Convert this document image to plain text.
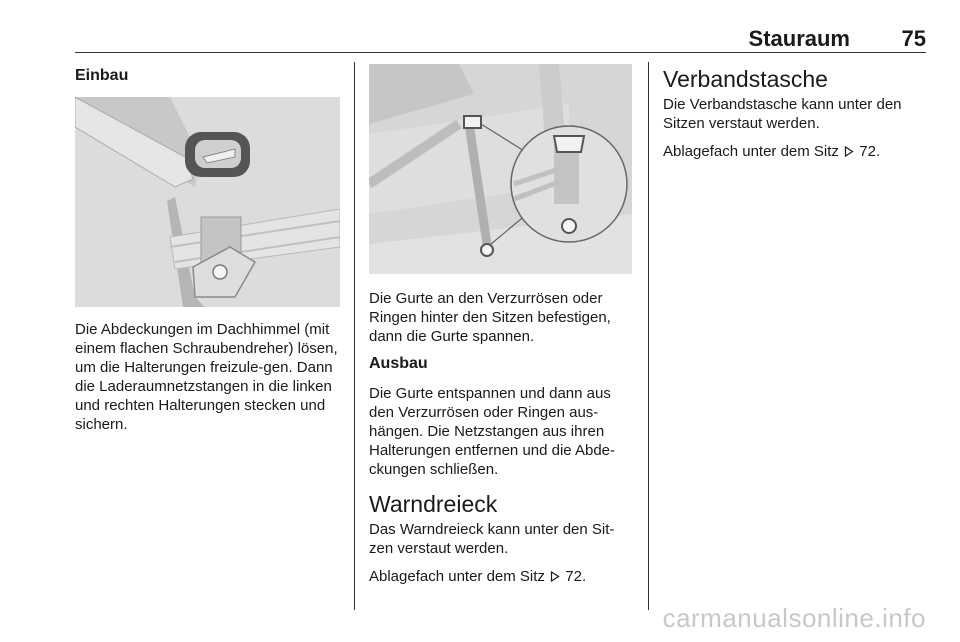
Stauraum 75
Einbau

Die Abdeckungen im Dachhimmel (mit einem flachen Schraubendreher) lösen, um die Halterungen freizule-gen. Dann die Laderaumnetzstangen in die linken und rechten Halterungen stecken und sichern.

Die Gurte an den Verzurrösen oder Ringen hinter den Sitzen befestigen, dann die Gurte spannen.

Ausbau

Die Gurte entspannen und dann aus den Verzurrösen oder Ringen aus-hängen. Die Netzstangen aus ihren Halterungen entfernen und die Abde-ckungen schließen.

Warndreieck

Das Warndreieck kann unter den Sit-zen verstaut werden.

Ablagefach unter dem Sitz 72.

Verbandstasche

Die Verbandstasche kann unter den Sitzen verstaut werden.

Ablagefach unter dem Sitz 72.

carmanualsonline.info
